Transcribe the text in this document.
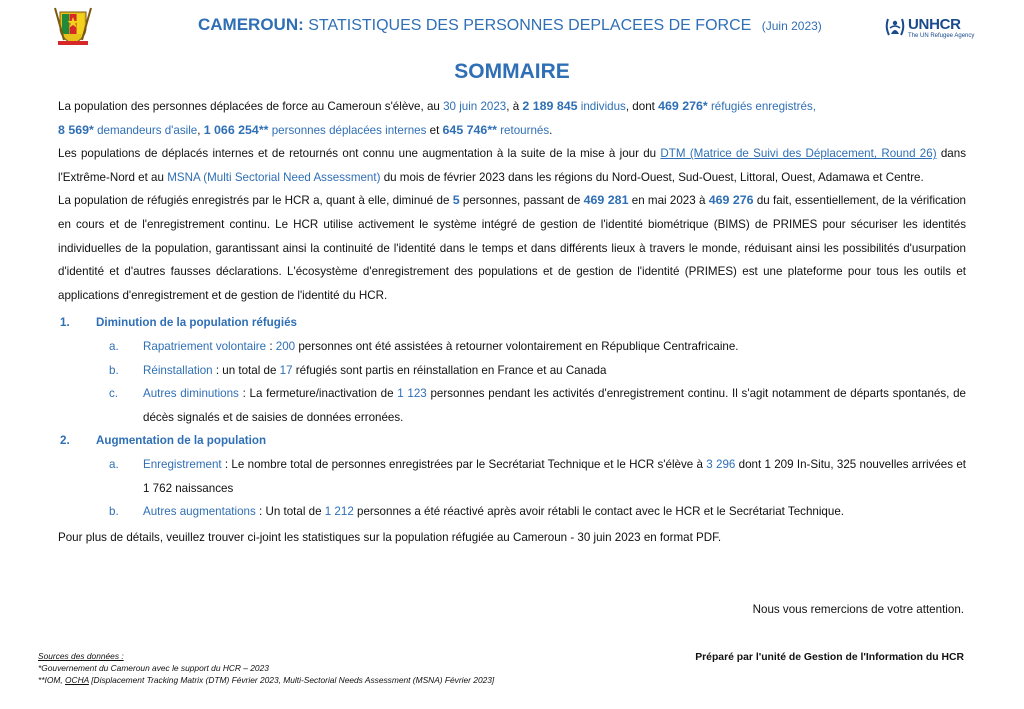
CAMEROUN: STATISTIQUES DES PERSONNES DEPLACEES DE FORCE (Juin 2023)	UNHCR
The UN Refugee Agency
SOMMAIRE

La population des personnes déplacées de force au Cameroun s'élève, au 30 juin 2023, à 2 189 845 individus, dont 469 276* réfugiés enregistrés,
8 569* demandeurs d'asile, 1 066 254** personnes déplacées internes et 645 746** retournés.

Les populations de déplacés internes et de retournés ont connu une augmentation à la suite de la mise à jour du DTM (Matrice de Suivi des Déplacement, Round 26) dans l'Extrême-Nord et au MSNA (Multi Sectorial Need Assessment) du mois de février 2023 dans les régions du Nord-Ouest, Sud-Ouest, Littoral, Ouest, Adamawa et Centre.

La population de réfugiés enregistrés par le HCR a, quant à elle, diminué de 5 personnes, passant de 469 281 en mai 2023 à 469 276 du fait, essentiellement, de la vérification en cours et de l'enregistrement continu. Le HCR utilise activement le système intégré de gestion de l'identité biométrique (BIMS) de PRIMES pour sécuriser les identités individuelles de la population, garantissant ainsi la continuité de l'identité dans le temps et dans différents lieux à travers le monde, réduisant ainsi les possibilités d'usurpation d'identité et d'autres fausses déclarations. L'écosystème d'enregistrement des populations et de gestion de l'identité (PRIMES) est une plateforme pour tous les outils et applications d'enregistrement et de gestion de l'identité du HCR.

1. Diminution de la population réfugiés
a. Rapatriement volontaire : 200 personnes ont été assistées à retourner volontairement en République Centrafricaine.
b. Réinstallation : un total de 17 réfugiés sont partis en réinstallation en France et au Canada
c. Autres diminutions : La fermeture/inactivation de 1 123 personnes pendant les activités d'enregistrement continu. Il s'agit notamment de départs spontanés, de décès signalés et de saisies de données erronées.
2. Augmentation de la population
a. Enregistrement : Le nombre total de personnes enregistrées par le Secrétariat Technique et le HCR s'élève à 3 296 dont 1 209 In-Situ, 325 nouvelles arrivées et 1 762 naissances
b. Autres augmentations : Un total de 1 212 personnes a été réactivé après avoir rétabli le contact avec le HCR et le Secrétariat Technique.

Pour plus de détails, veuillez trouver ci-joint les statistiques sur la population réfugiée au Cameroun - 30 juin 2023 en format PDF.

Nous vous remercions de votre attention.
Sources des données :
*Gouvernement du Cameroun avec le support du HCR – 2023
**IOM, OCHA [Displacement Tracking Matrix (DTM) Février 2023, Multi-Sectorial Needs Assessment (MSNA) Février 2023]
Préparé par l'unité de Gestion de l'Information du HCR
